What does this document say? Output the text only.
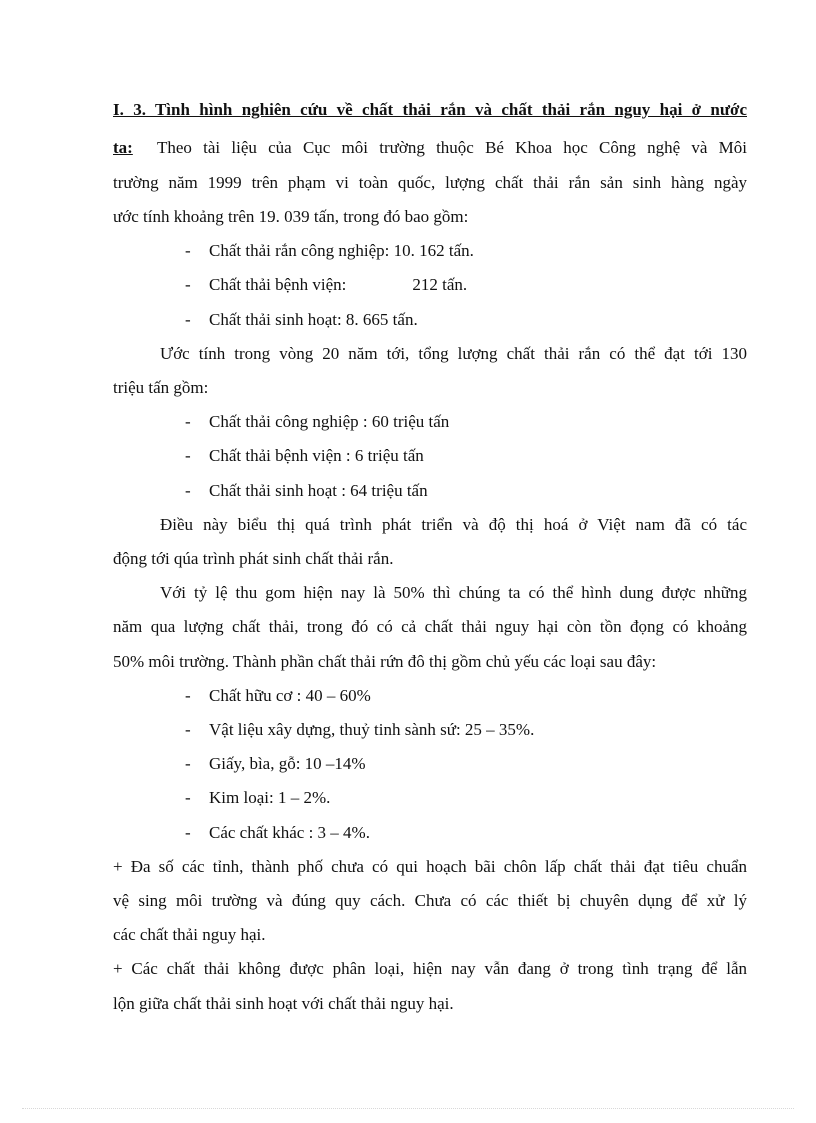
I. 3. Tình hình nghiên cứu về chất thải rắn và chất thải rắn nguy hại ở nước
ta: Theo tài liệu của Cục môi trường thuộc Bé Khoa học Công nghệ và Môi
trường năm 1999 trên phạm vi toàn quốc, lượng chất thải rắn sản sinh hàng ngày
ước tính khoảng trên 19. 039 tấn, trong đó bao gồm:
- Chất thải rắn công nghiệp: 10. 162 tấn.
- Chất thải bệnh viện:	212 tấn.
- Chất thải sinh hoạt: 8. 665 tấn.
Ước tính trong vòng 20 năm tới, tổng lượng chất thải rắn có thể đạt tới 130
triệu tấn gồm:
- Chất thải công nghiệp : 60 triệu tấn
- Chất thải bệnh viện : 6 triệu tấn
- Chất thải sinh hoạt : 64 triệu tấn
Điều này biểu thị quá trình phát triển và độ thị hoá ở Việt nam đã có tác
động tới qúa trình phát sinh chất thải rắn.
Với tỷ lệ thu gom hiện nay là 50% thì chúng ta có thể hình dung được những
năm qua lượng chất thải, trong đó có cả chất thải nguy hại còn tồn đọng có khoảng
50% môi trường. Thành phần chất thải rứn đô thị gồm chủ yếu các loại sau đây:
- Chất hữu cơ : 40 – 60%
- Vật liệu xây dựng, thuỷ tinh sành sứ: 25 – 35%.
- Giấy, bìa, gỗ: 10 –14%
- Kim loại: 1 – 2%.
- Các chất khác : 3 – 4%.
+ Đa số các tỉnh, thành phố chưa có qui hoạch bãi chôn lấp chất thải đạt tiêu chuẩn
vệ sing môi trường và đúng quy cách. Chưa có các thiết bị chuyên dụng để xử lý
các chất thải nguy hại.
+ Các chất thải không được phân loại, hiện nay vẫn đang ở trong tình trạng để lẫn
lộn giữa chất thải sinh hoạt với chất thải nguy hại.
